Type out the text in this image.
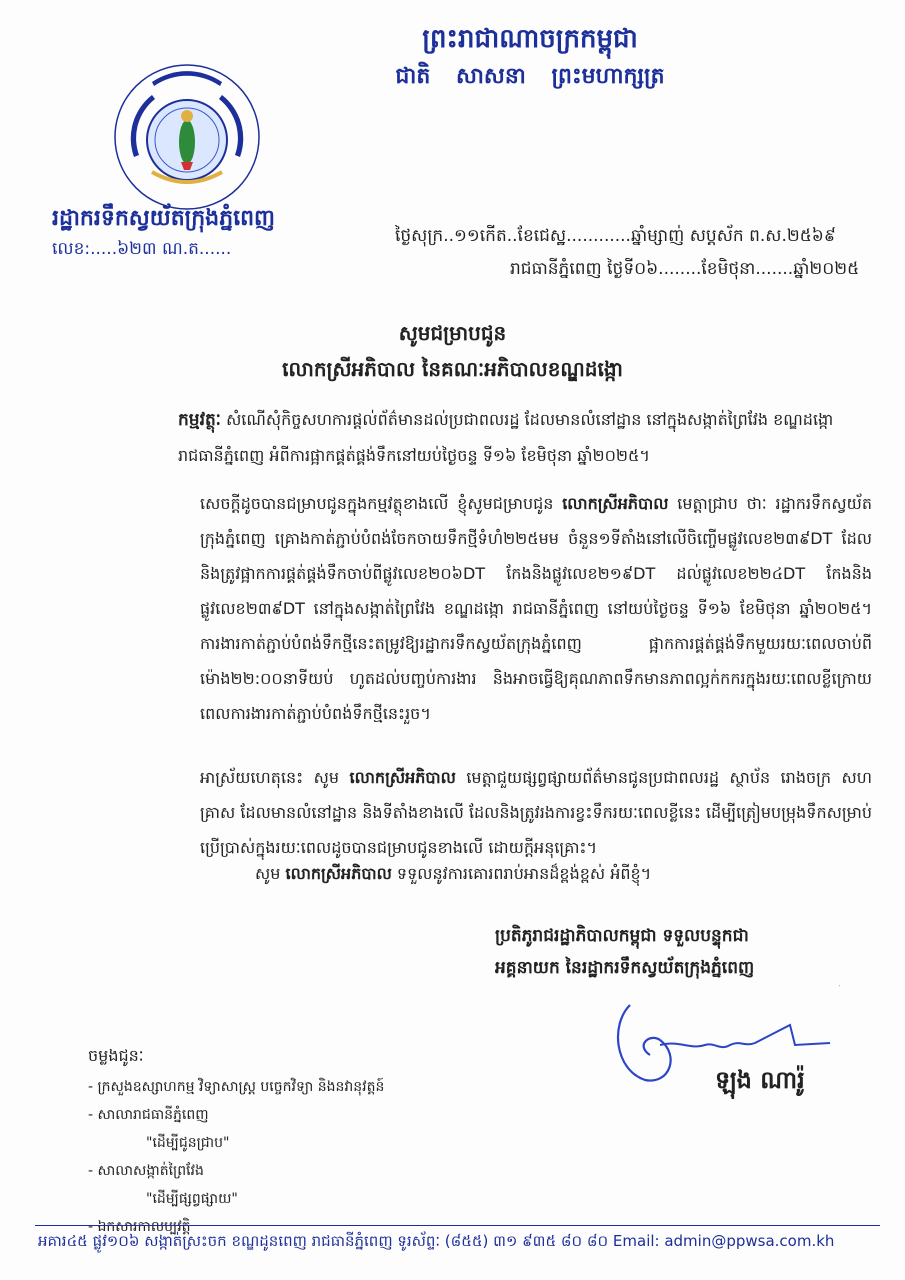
ព្រះរាជាណាចក្រកម្ពុជា
ជាតិ សាសនា ព្រះមហាក្សត្រ
រដ្ឋាករទឹកស្វយ័តក្រុងភ្នំពេញ
លេខ:.....៦២៣ ណ.ត......
ថ្ងៃសុក្រ..១១កើត..ខែជេស្ឋ............ឆ្នាំម្សាញ់ សប្តស័ក ព.ស.២៥៦៩
រាជធានីភ្នំពេញ ថ្ងៃទី០៦........ខែមិថុនា.......ឆ្នាំ២០២៥
សូមជម្រាបជូន
លោកស្រីអភិបាល នៃគណៈអភិបាលខណ្ឌដង្កោ
កម្មវត្ថុៈ សំណើសុំកិច្ចសហការផ្តល់ព័ត៌មានដល់ប្រជាពលរដ្ឋ ដែលមានលំនៅដ្ឋាន នៅក្នុងសង្កាត់ព្រៃវែង ខណ្ឌដង្កោ រាជធានីភ្នំពេញ អំពីការផ្អាកផ្គត់ផ្គង់ទឹកនៅយប់ថ្ងៃចន្ទ ទី១៦ ខែមិថុនា ឆ្នាំ២០២៥។
សេចក្តីដូចបានជម្រាបជូនក្នុងកម្មវត្ថុខាងលើ ខ្ញុំសូមជម្រាបជូន លោកស្រីអភិបាល មេត្តាជ្រាប ថាៈ រដ្ឋាករទឹកស្វយ័តក្រុងភ្នំពេញ គ្រោងកាត់ភ្ជាប់បំពង់ចែកចាយទឹកថ្មីទំហំ២២៥មម ចំនួន១ទីតាំងនៅលើចិញ្ចើមផ្លូវលេខ២៣៩DT ដែលនិងត្រូវផ្អាកការផ្គត់ផ្គង់ទឹកចាប់ពីផ្លូវលេខ២០៦DT កែងនិងផ្លូវលេខ២១៩DT ដល់ផ្លូវលេខ២២៤DT កែងនិងផ្លូវលេខ២៣៩DT នៅក្នុងសង្កាត់ព្រៃវែង ខណ្ឌដង្កោ រាជធានីភ្នំពេញ នៅយប់ថ្ងៃចន្ទ ទី១៦ ខែមិថុនា ឆ្នាំ២០២៥។ ការងារកាត់ភ្ជាប់បំពង់ទឹកថ្មីនេះតម្រូវឱ្យរដ្ឋាករទឹកស្វយ័តក្រុងភ្នំពេញ ផ្អាកការផ្គត់ផ្គង់ទឹកមួយរយៈពេលចាប់ពីម៉ោង២២:០០នាទីយប់ ហូតដល់បញ្ចប់ការងារ និងអាចធ្វើឱ្យគុណភាពទឹកមានភាពល្អក់កករក្នុងរយៈពេលខ្លីក្រោយពេលការងារកាត់ភ្ជាប់បំពង់ទឹកថ្មីនេះរួច។
អាស្រ័យហេតុនេះ សូម លោកស្រីអភិបាល មេត្តាជួយផ្សព្វផ្សាយព័ត៌មានជូនប្រជាពលរដ្ឋ ស្ថាប័ន រោងចក្រ សហគ្រាស ដែលមានលំនៅដ្ឋាន និងទីតាំងខាងលើ ដែលនិងត្រូវរងការខ្វះទឹករយៈពេលខ្លីនេះ ដើម្បីត្រៀមបម្រុងទឹកសម្រាប់ប្រើប្រាស់ក្នុងរយៈពេលដូចបានជម្រាបជូនខាងលើ ដោយក្តីអនុគ្រោះ។
សូម លោកស្រីអភិបាល ទទួលនូវការគោរពរាប់អានដ៏ខ្ពង់ខ្ពស់ អំពីខ្ញុំ។
ប្រតិភូរាជរដ្ឋាភិបាលកម្ពុជា ទទួលបន្ទុកជា
អគ្គនាយក នៃរដ្ឋាករទឹកស្វយ័តក្រុងភ្នំពេញ
ឡុង ណារ៉ូ
ចម្លងជូនៈ
- ក្រសួងឧស្សាហកម្ម វិទ្យាសាស្ត្រ បច្ចេកវិទ្យា និងនវានុវត្តន៍
- សាលារាជធានីភ្នំពេញ
"ដើម្បីជូនជ្រាប"
- សាលាសង្កាត់ព្រៃវែង
"ដើម្បីផ្សព្វផ្សាយ"
- ឯកសារកាលប្បវត្តិ
អគារ៤៥ ផ្លូវ១០៦ សង្កាត់ស្រះចក ខណ្ឌដូនពេញ រាជធានីភ្នំពេញ ទូរស័ព្ទៈ (៨៥៥) ៣១ ៩៣៥ ៨០ ៨០ Email: admin@ppwsa.com.kh
